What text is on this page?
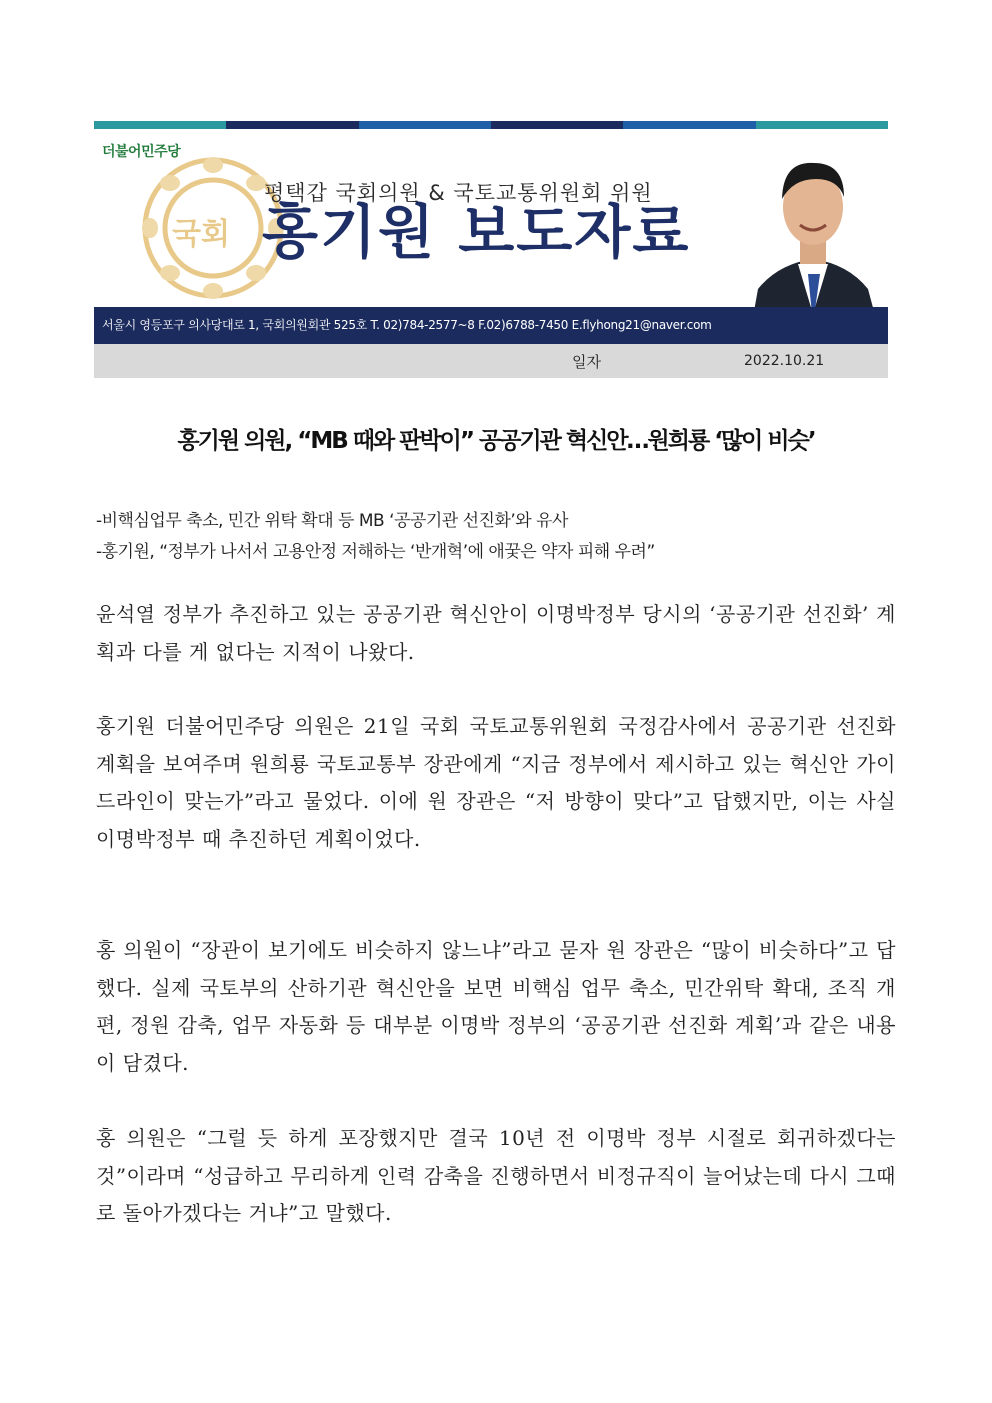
국회
더불어민주당
평택갑 국회의원 & 국토교통위원회 위원
홍기원 보도자료
서울시 영등포구 의사당대로 1, 국회의원회관 525호 T. 02)784-2577~8 F.02)6788-7450 E.flyhong21@naver.com
일자	2022.10.21
홍기원 의원, “MB 때와 판박이” 공공기관 혁신안…원희룡 ‘많이 비슷’
-비핵심업무 축소, 민간 위탁 확대 등 MB ‘공공기관 선진화’와 유사
-홍기원, “정부가 나서서 고용안정 저해하는 ‘반개혁’에 애꿎은 약자 피해 우려”

윤석열 정부가 추진하고 있는 공공기관 혁신안이 이명박정부 당시의 ‘공공기관 선진화’ 계획과 다를 게 없다는 지적이 나왔다.

홍기원 더불어민주당 의원은 21일 국회 국토교통위원회 국정감사에서 공공기관 선진화 계획을 보여주며 원희룡 국토교통부 장관에게 “지금 정부에서 제시하고 있는 혁신안 가이드라인이 맞는가”라고 물었다. 이에 원 장관은 “저 방향이 맞다”고 답했지만, 이는 사실 이명박정부 때 추진하던 계획이었다.

홍 의원이 “장관이 보기에도 비슷하지 않느냐”라고 묻자 원 장관은 “많이 비슷하다”고 답했다. 실제 국토부의 산하기관 혁신안을 보면 비핵심 업무 축소, 민간위탁 확대, 조직 개편, 정원 감축, 업무 자동화 등 대부분 이명박 정부의 ‘공공기관 선진화 계획’과 같은 내용이 담겼다.

홍 의원은 “그럴 듯 하게 포장했지만 결국 10년 전 이명박 정부 시절로 회귀하겠다는 것”이라며 “성급하고 무리하게 인력 감축을 진행하면서 비정규직이 늘어났는데 다시 그때로 돌아가겠다는 거냐”고 말했다.
